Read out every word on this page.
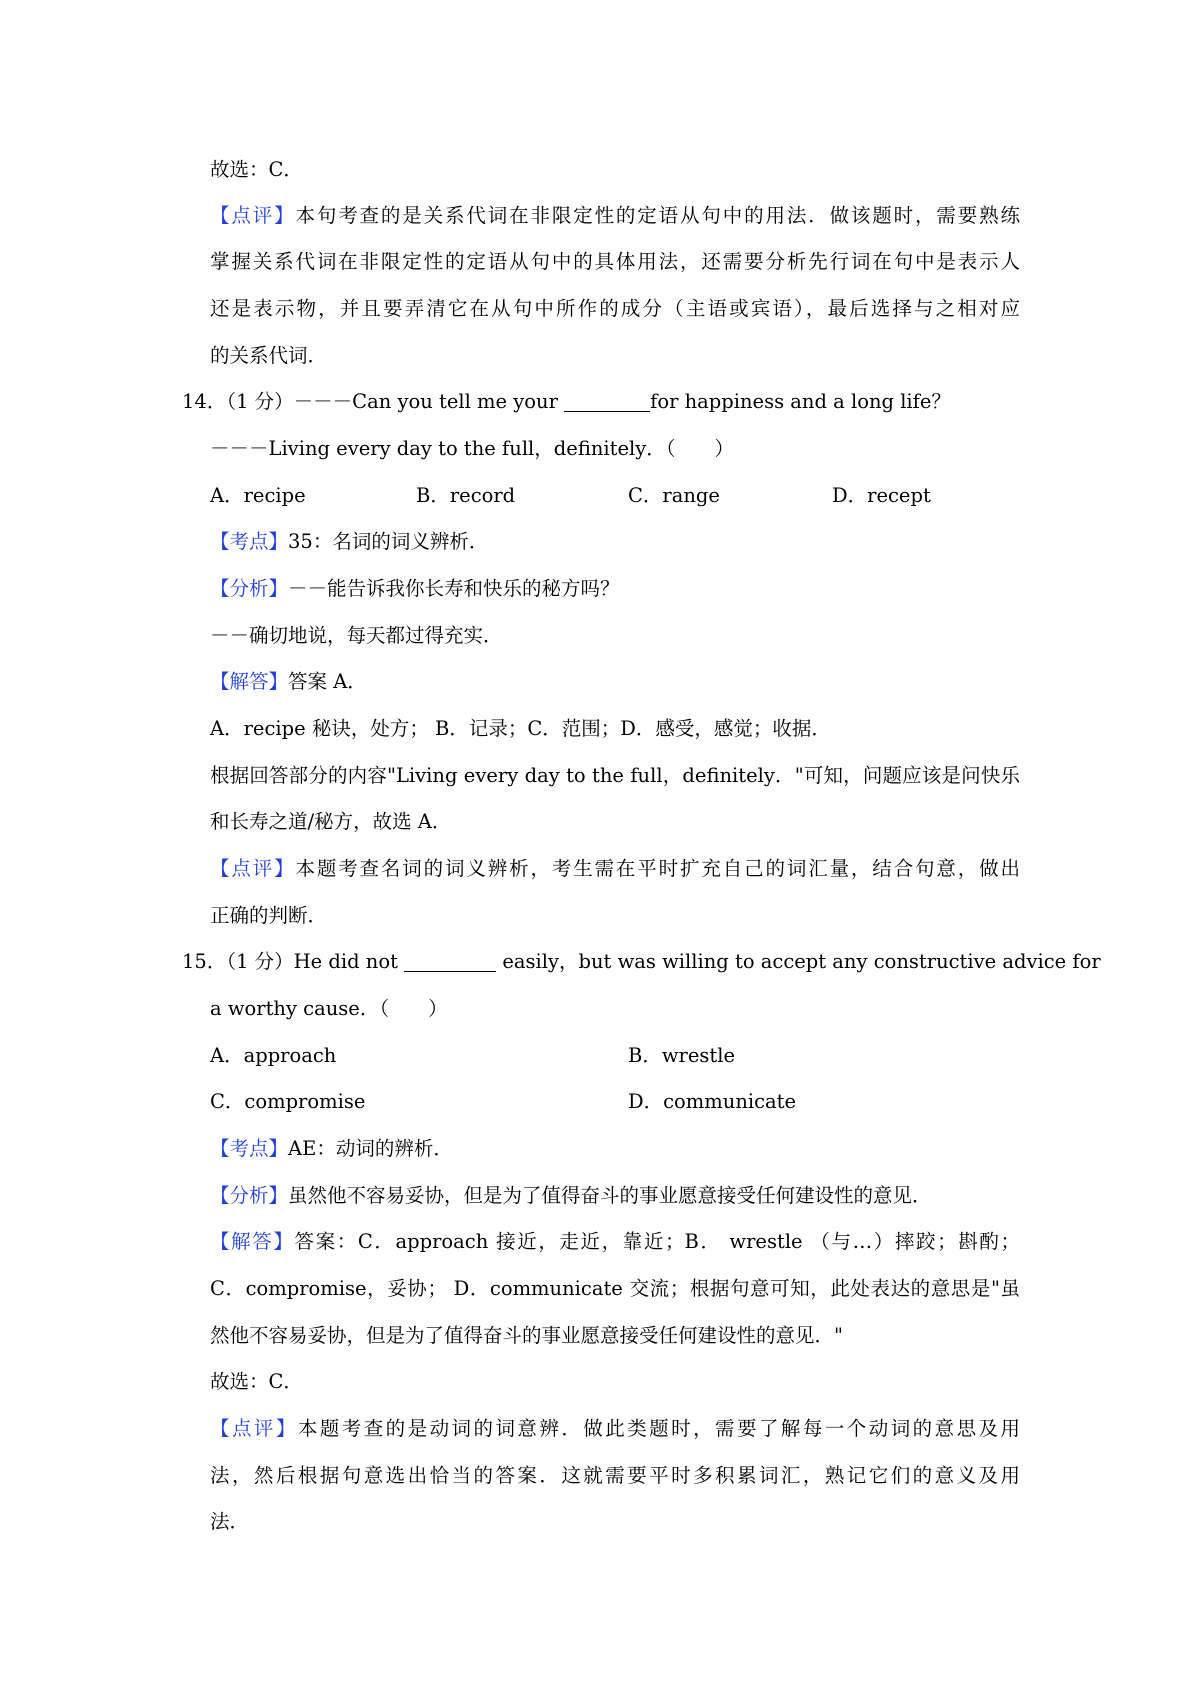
故选：C．
【点评】本句考查的是关系代词在非限定性的定语从句中的用法．做该题时，需要熟练
掌握关系代词在非限定性的定语从句中的具体用法，还需要分析先行词在句中是表示人
还是表示物，并且要弄清它在从句中所作的成分（主语或宾语），最后选择与之相对应
的关系代词．
14．（1 分）－－－Can you tell me your	for happiness and a long life？
－－－Living every day to the full，definitely．（　　）
A．recipe	B．record	C．range	D．recept
【考点】35：名词的词义辨析．
【分析】－－能告诉我你长寿和快乐的秘方吗？
－－确切地说，每天都过得充实．
【解答】答案 A．
A．recipe 秘诀，处方； B．记录；C．范围；D．感受，感觉；收据．
根据回答部分的内容"Living every day to the full，definitely．"可知，问题应该是问快乐
和长寿之道/秘方，故选 A．
【点评】本题考查名词的词义辨析，考生需在平时扩充自己的词汇量，结合句意，做出
正确的判断．
15．（1 分）He did not	easily，but was willing to accept any constructive advice for
a worthy cause．（　　）
A．approach	B．wrestle
C．compromise	D．communicate
【考点】AE：动词的辨析．
【分析】虽然他不容易妥协，但是为了值得奋斗的事业愿意接受任何建设性的意见．
【解答】答案：C．approach 接近，走近，靠近；B． wrestle （与…）摔跤；斟酌；
C．compromise，妥协； D．communicate 交流；根据句意可知，此处表达的意思是"虽
然他不容易妥协，但是为了值得奋斗的事业愿意接受任何建设性的意见．"
故选：C．
【点评】本题考查的是动词的词意辨．做此类题时，需要了解每一个动词的意思及用
法，然后根据句意选出恰当的答案．这就需要平时多积累词汇，熟记它们的意义及用
法．
